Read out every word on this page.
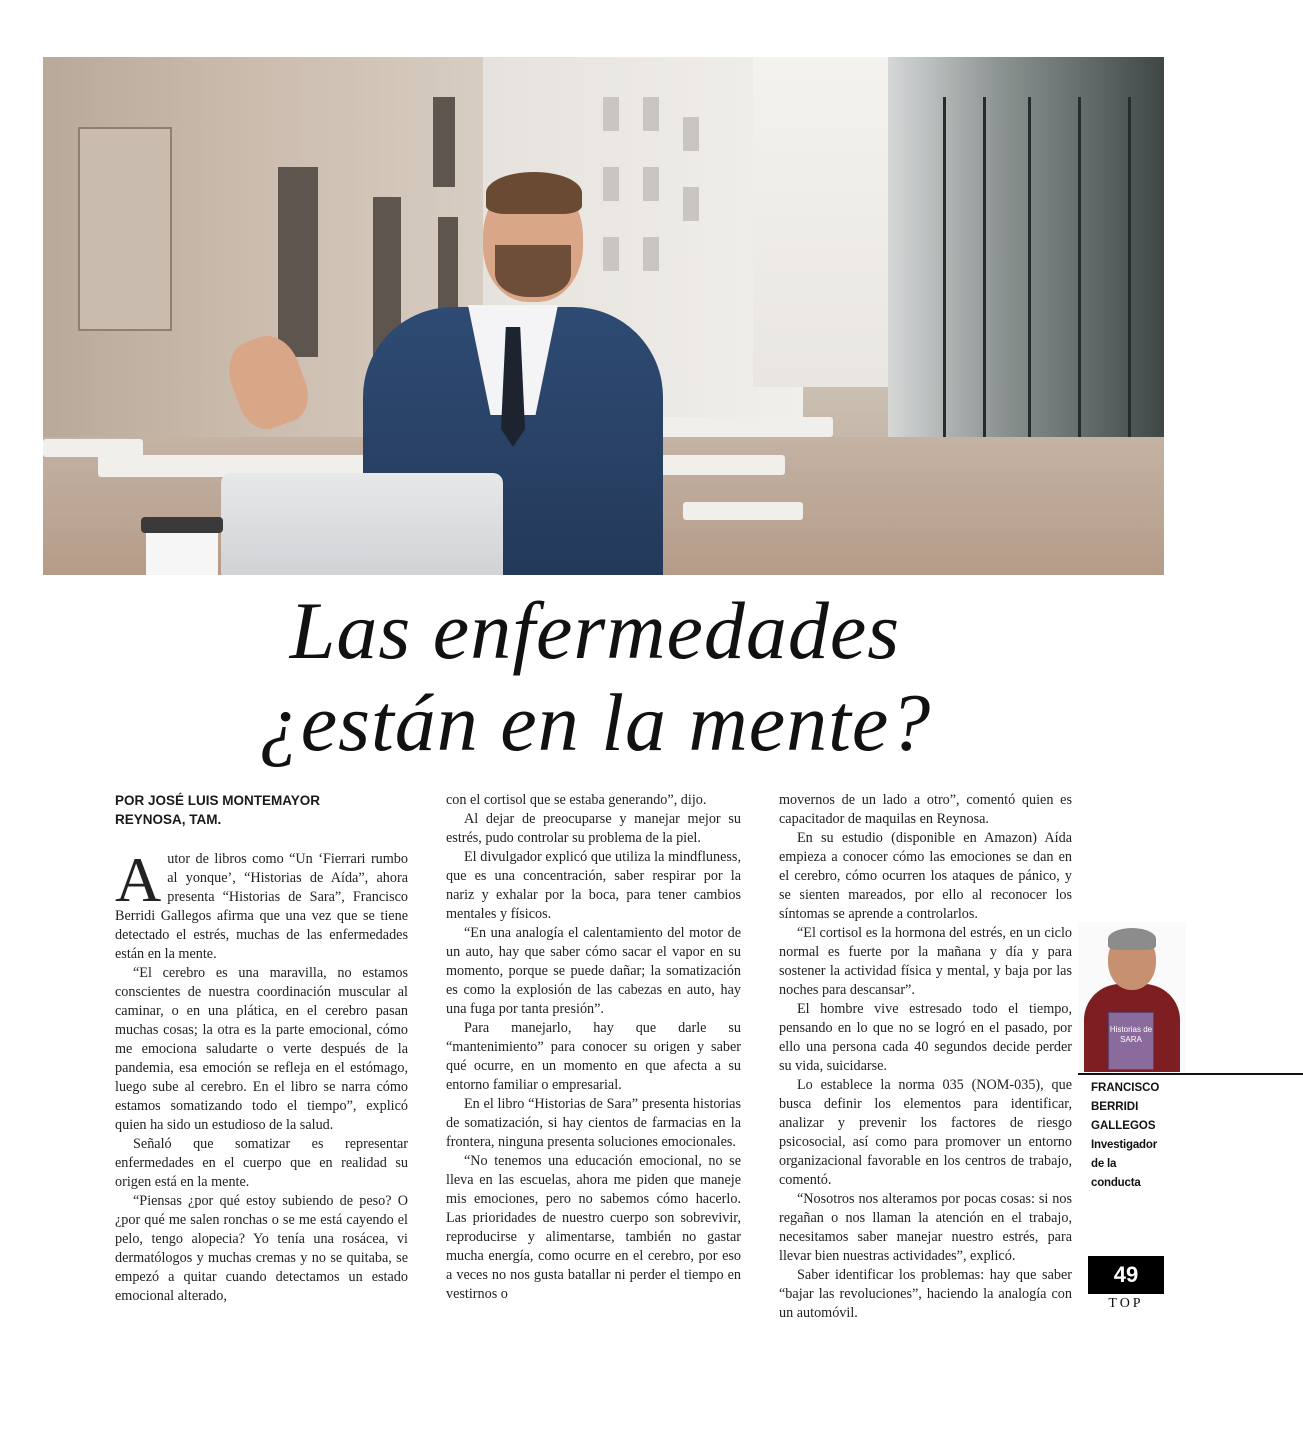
Las enfermedades
¿están en la mente?
POR JOSÉ LUIS MONTEMAYOR
REYNOSA, TAM.

Autor de libros como “Un ‘Fierrari rumbo al yonque’, “Historias de Aída”, ahora presenta “Historias de Sara”, Francisco Berridi Gallegos afirma que una vez que se tiene detectado el estrés, muchas de las enfermedades están en la mente.

“El cerebro es una maravilla, no estamos conscientes de nuestra coordinación muscular al caminar, o en una plática, en el cerebro pasan muchas cosas; la otra es la parte emocional, cómo me emociona saludarte o verte después de la pandemia, esa emoción se refleja en el estómago, luego sube al cerebro. En el libro se narra cómo estamos somatizando todo el tiempo”, explicó quien ha sido un estudioso de la salud.

Señaló que somatizar es representar enfermedades en el cuerpo que en realidad su origen está en la mente.

“Piensas ¿por qué estoy subiendo de peso? O ¿por qué me salen ronchas o se me está cayendo el pelo, tengo alopecia? Yo tenía una rosácea, vi dermatólogos y muchas cremas y no se quitaba, se empezó a quitar cuando detectamos un estado emocional alterado,

con el cortisol que se estaba generando”, dijo.

Al dejar de preocuparse y manejar mejor su estrés, pudo controlar su problema de la piel.

El divulgador explicó que utiliza la mindfluness, que es una concentración, saber respirar por la nariz y exhalar por la boca, para tener cambios mentales y físicos.

“En una analogía el calentamiento del motor de un auto, hay que saber cómo sacar el vapor en su momento, porque se puede dañar; la somatización es como la explosión de las cabezas en auto, hay una fuga por tanta presión”.

Para manejarlo, hay que darle su “mantenimiento” para conocer su origen y saber qué ocurre, en un momento en que afecta a su entorno familiar o empresarial.

En el libro “Historias de Sara” presenta historias de somatización, si hay cientos de farmacias en la frontera, ninguna presenta soluciones emocionales.

“No tenemos una educación emocional, no se lleva en las escuelas, ahora me piden que maneje mis emociones, pero no sabemos cómo hacerlo. Las prioridades de nuestro cuerpo son sobrevivir, reproducirse y alimentarse, también no gastar mucha energía, como ocurre en el cerebro, por eso a veces no nos gusta batallar ni perder el tiempo en vestirnos o

movernos de un lado a otro”, comentó quien es capacitador de maquilas en Reynosa.

En su estudio (disponible en Amazon) Aída empieza a conocer cómo las emociones se dan en el cerebro, cómo ocurren los ataques de pánico, y se sienten mareados, por ello al reconocer los síntomas se aprende a controlarlos.

“El cortisol es la hormona del estrés, en un ciclo normal es fuerte por la mañana y día y para sostener la actividad física y mental, y baja por las noches para descansar”.

El hombre vive estresado todo el tiempo, pensando en lo que no se logró en el pasado, por ello una persona cada 40 segundos decide perder su vida, suicidarse.

Lo establece la norma 035 (NOM-035), que busca definir los elementos para identificar, analizar y prevenir los factores de riesgo psicosocial, así como para promover un entorno organizacional favorable en los centros de trabajo, comentó.

“Nosotros nos alteramos por pocas cosas: si nos regañan o nos llaman la atención en el trabajo, necesitamos saber manejar nuestro estrés, para llevar bien nuestras actividades”, explicó.

Saber identificar los problemas: hay que saber “bajar las revoluciones”, haciendo la analogía con un automóvil.

Historias de SARA
FRANCISCO
BERRIDI
GALLEGOS
Investigador
de la
conducta
49
TOP
